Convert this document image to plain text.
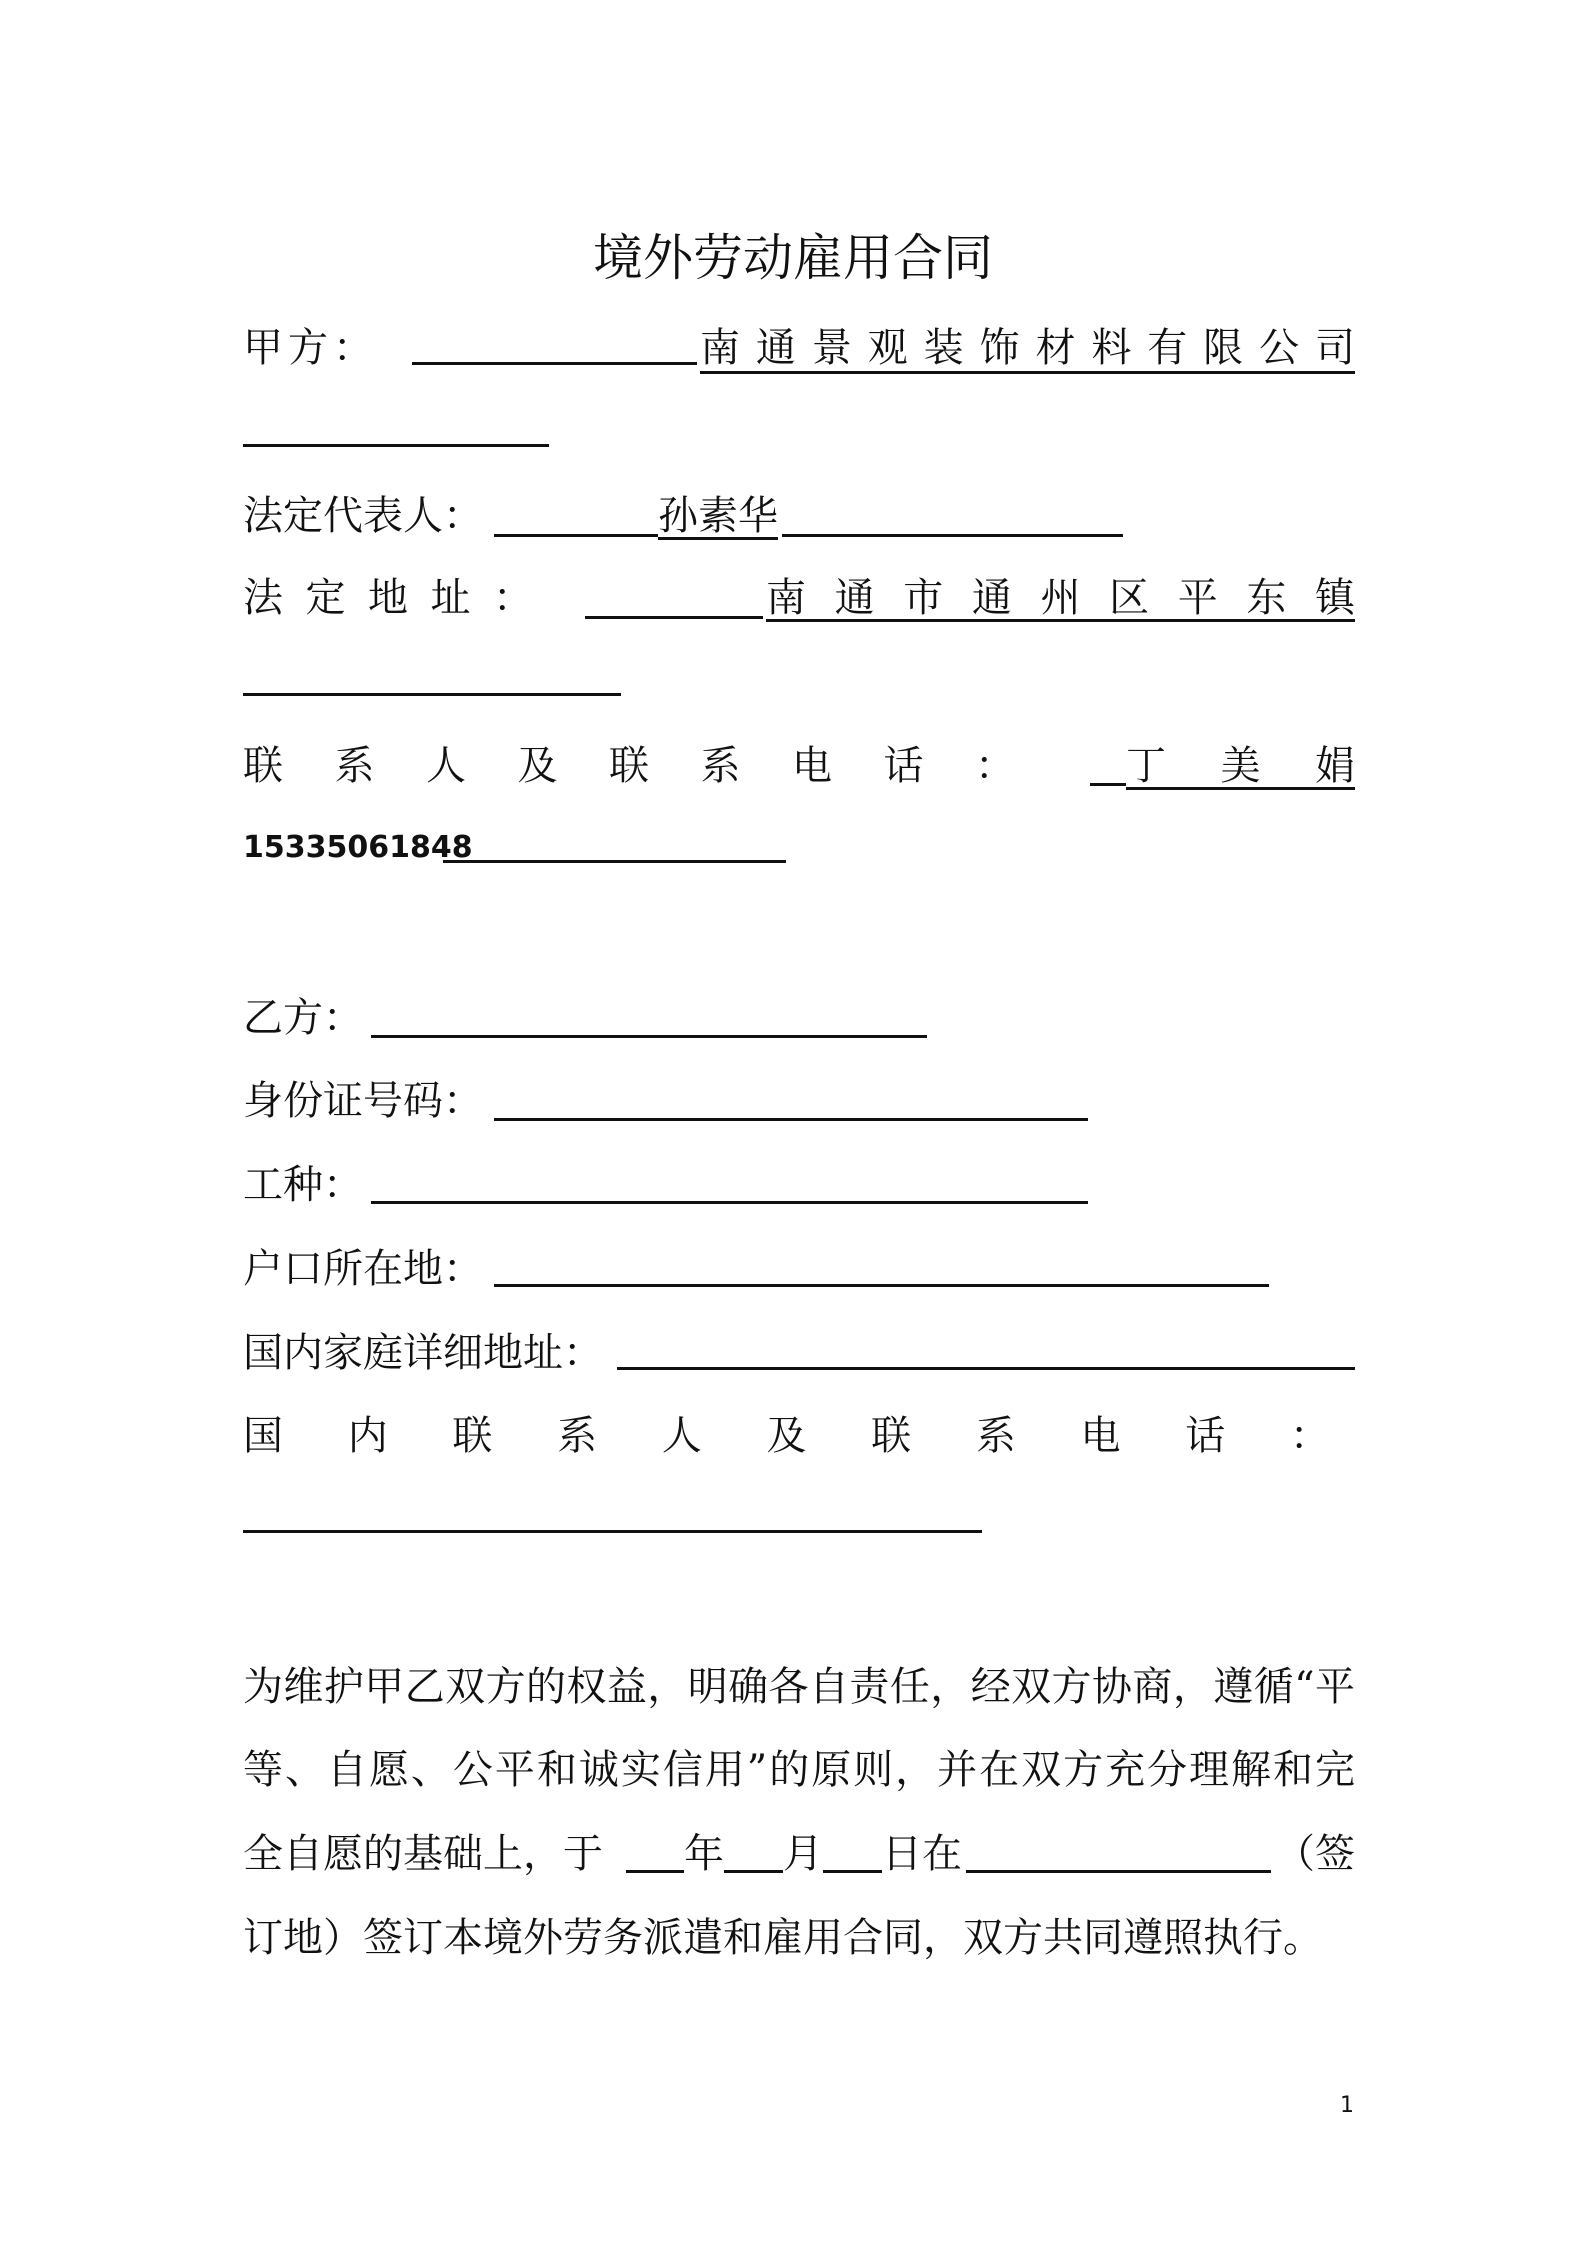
境外劳动雇用合同
甲 方 ：	南 通 景 观 装 饰 材 料 有 限 公 司
法定代表人：	孙素华
法 定 地 址 ：	南 通 市 通 州 区 平 东 镇
联 系 人 及 联 系 电 话 ：	丁 美 娟
15335061848
乙方：
身份证号码：
工种：
户口所在地：
国内家庭详细地址：
国 内 联 系 人 及 联 系 电 话 ：
为维护甲乙双方的权益，明确各自责任，经双方协商，遵循“平
等、自愿、公平和诚实信用”的原则，并在双方充分理解和完
全自愿的基础上，于 年 月 日在	（签
订地）签订本境外劳务派遣和雇用合同，双方共同遵照执行。
1
